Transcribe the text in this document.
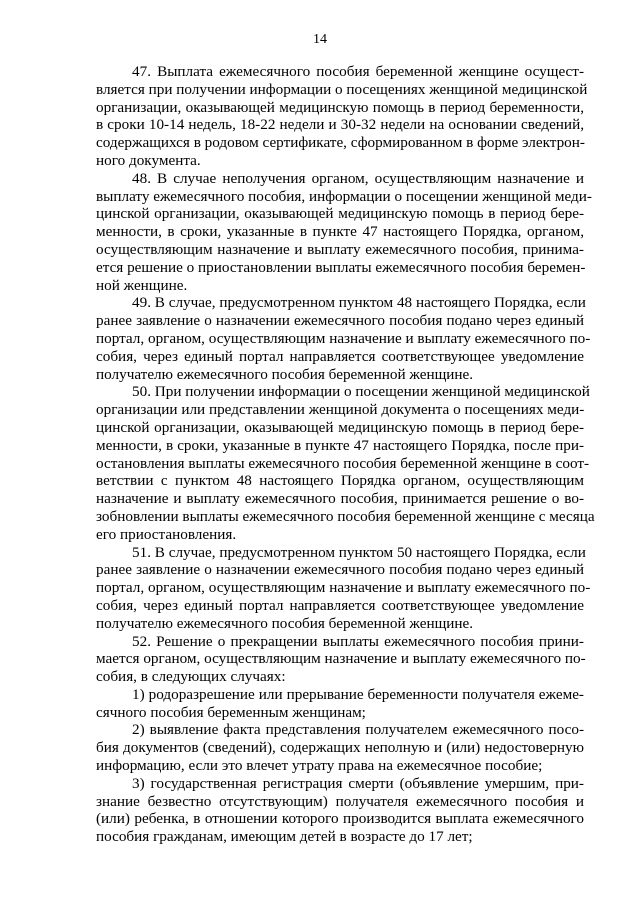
14
47. Выплата ежемесячного пособия беременной женщине осущест-
вляется при получении информации о посещениях женщиной медицинской
организации, оказывающей медицинскую помощь в период беременности,
в сроки 10-14 недель, 18-22 недели и 30-32 недели на основании сведений,
содержащихся в родовом сертификате, сформированном в форме электрон-
ного документа.
48. В случае неполучения органом, осуществляющим назначение и
выплату ежемесячного пособия, информации о посещении женщиной меди-
цинской организации, оказывающей медицинскую помощь в период бере-
менности, в сроки, указанные в пункте 47 настоящего Порядка, органом,
осуществляющим назначение и выплату ежемесячного пособия, принима-
ется решение о приостановлении выплаты ежемесячного пособия беремен-
ной женщине.
49. В случае, предусмотренном пунктом 48 настоящего Порядка, если
ранее заявление о назначении ежемесячного пособия подано через единый
портал, органом, осуществляющим назначение и выплату ежемесячного по-
собия, через единый портал направляется соответствующее уведомление
получателю ежемесячного пособия беременной женщине.
50. При получении информации о посещении женщиной медицинской
организации или представлении женщиной документа о посещениях меди-
цинской организации, оказывающей медицинскую помощь в период бере-
менности, в сроки, указанные в пункте 47 настоящего Порядка, после при-
остановления выплаты ежемесячного пособия беременной женщине в соот-
ветствии с пунктом 48 настоящего Порядка органом, осуществляющим
назначение и выплату ежемесячного пособия, принимается решение о во-
зобновлении выплаты ежемесячного пособия беременной женщине с месяца
его приостановления.
51. В случае, предусмотренном пунктом 50 настоящего Порядка, если
ранее заявление о назначении ежемесячного пособия подано через единый
портал, органом, осуществляющим назначение и выплату ежемесячного по-
собия, через единый портал направляется соответствующее уведомление
получателю ежемесячного пособия беременной женщине.
52. Решение о прекращении выплаты ежемесячного пособия прини-
мается органом, осуществляющим назначение и выплату ежемесячного по-
собия, в следующих случаях:
1) родоразрешение или прерывание беременности получателя ежеме-
сячного пособия беременным женщинам;
2) выявление факта представления получателем ежемесячного посо-
бия документов (сведений), содержащих неполную и (или) недостоверную
информацию, если это влечет утрату права на ежемесячное пособие;
3) государственная регистрация смерти (объявление умершим, при-
знание безвестно отсутствующим) получателя ежемесячного пособия и
(или) ребенка, в отношении которого производится выплата ежемесячного
пособия гражданам, имеющим детей в возрасте до 17 лет;
